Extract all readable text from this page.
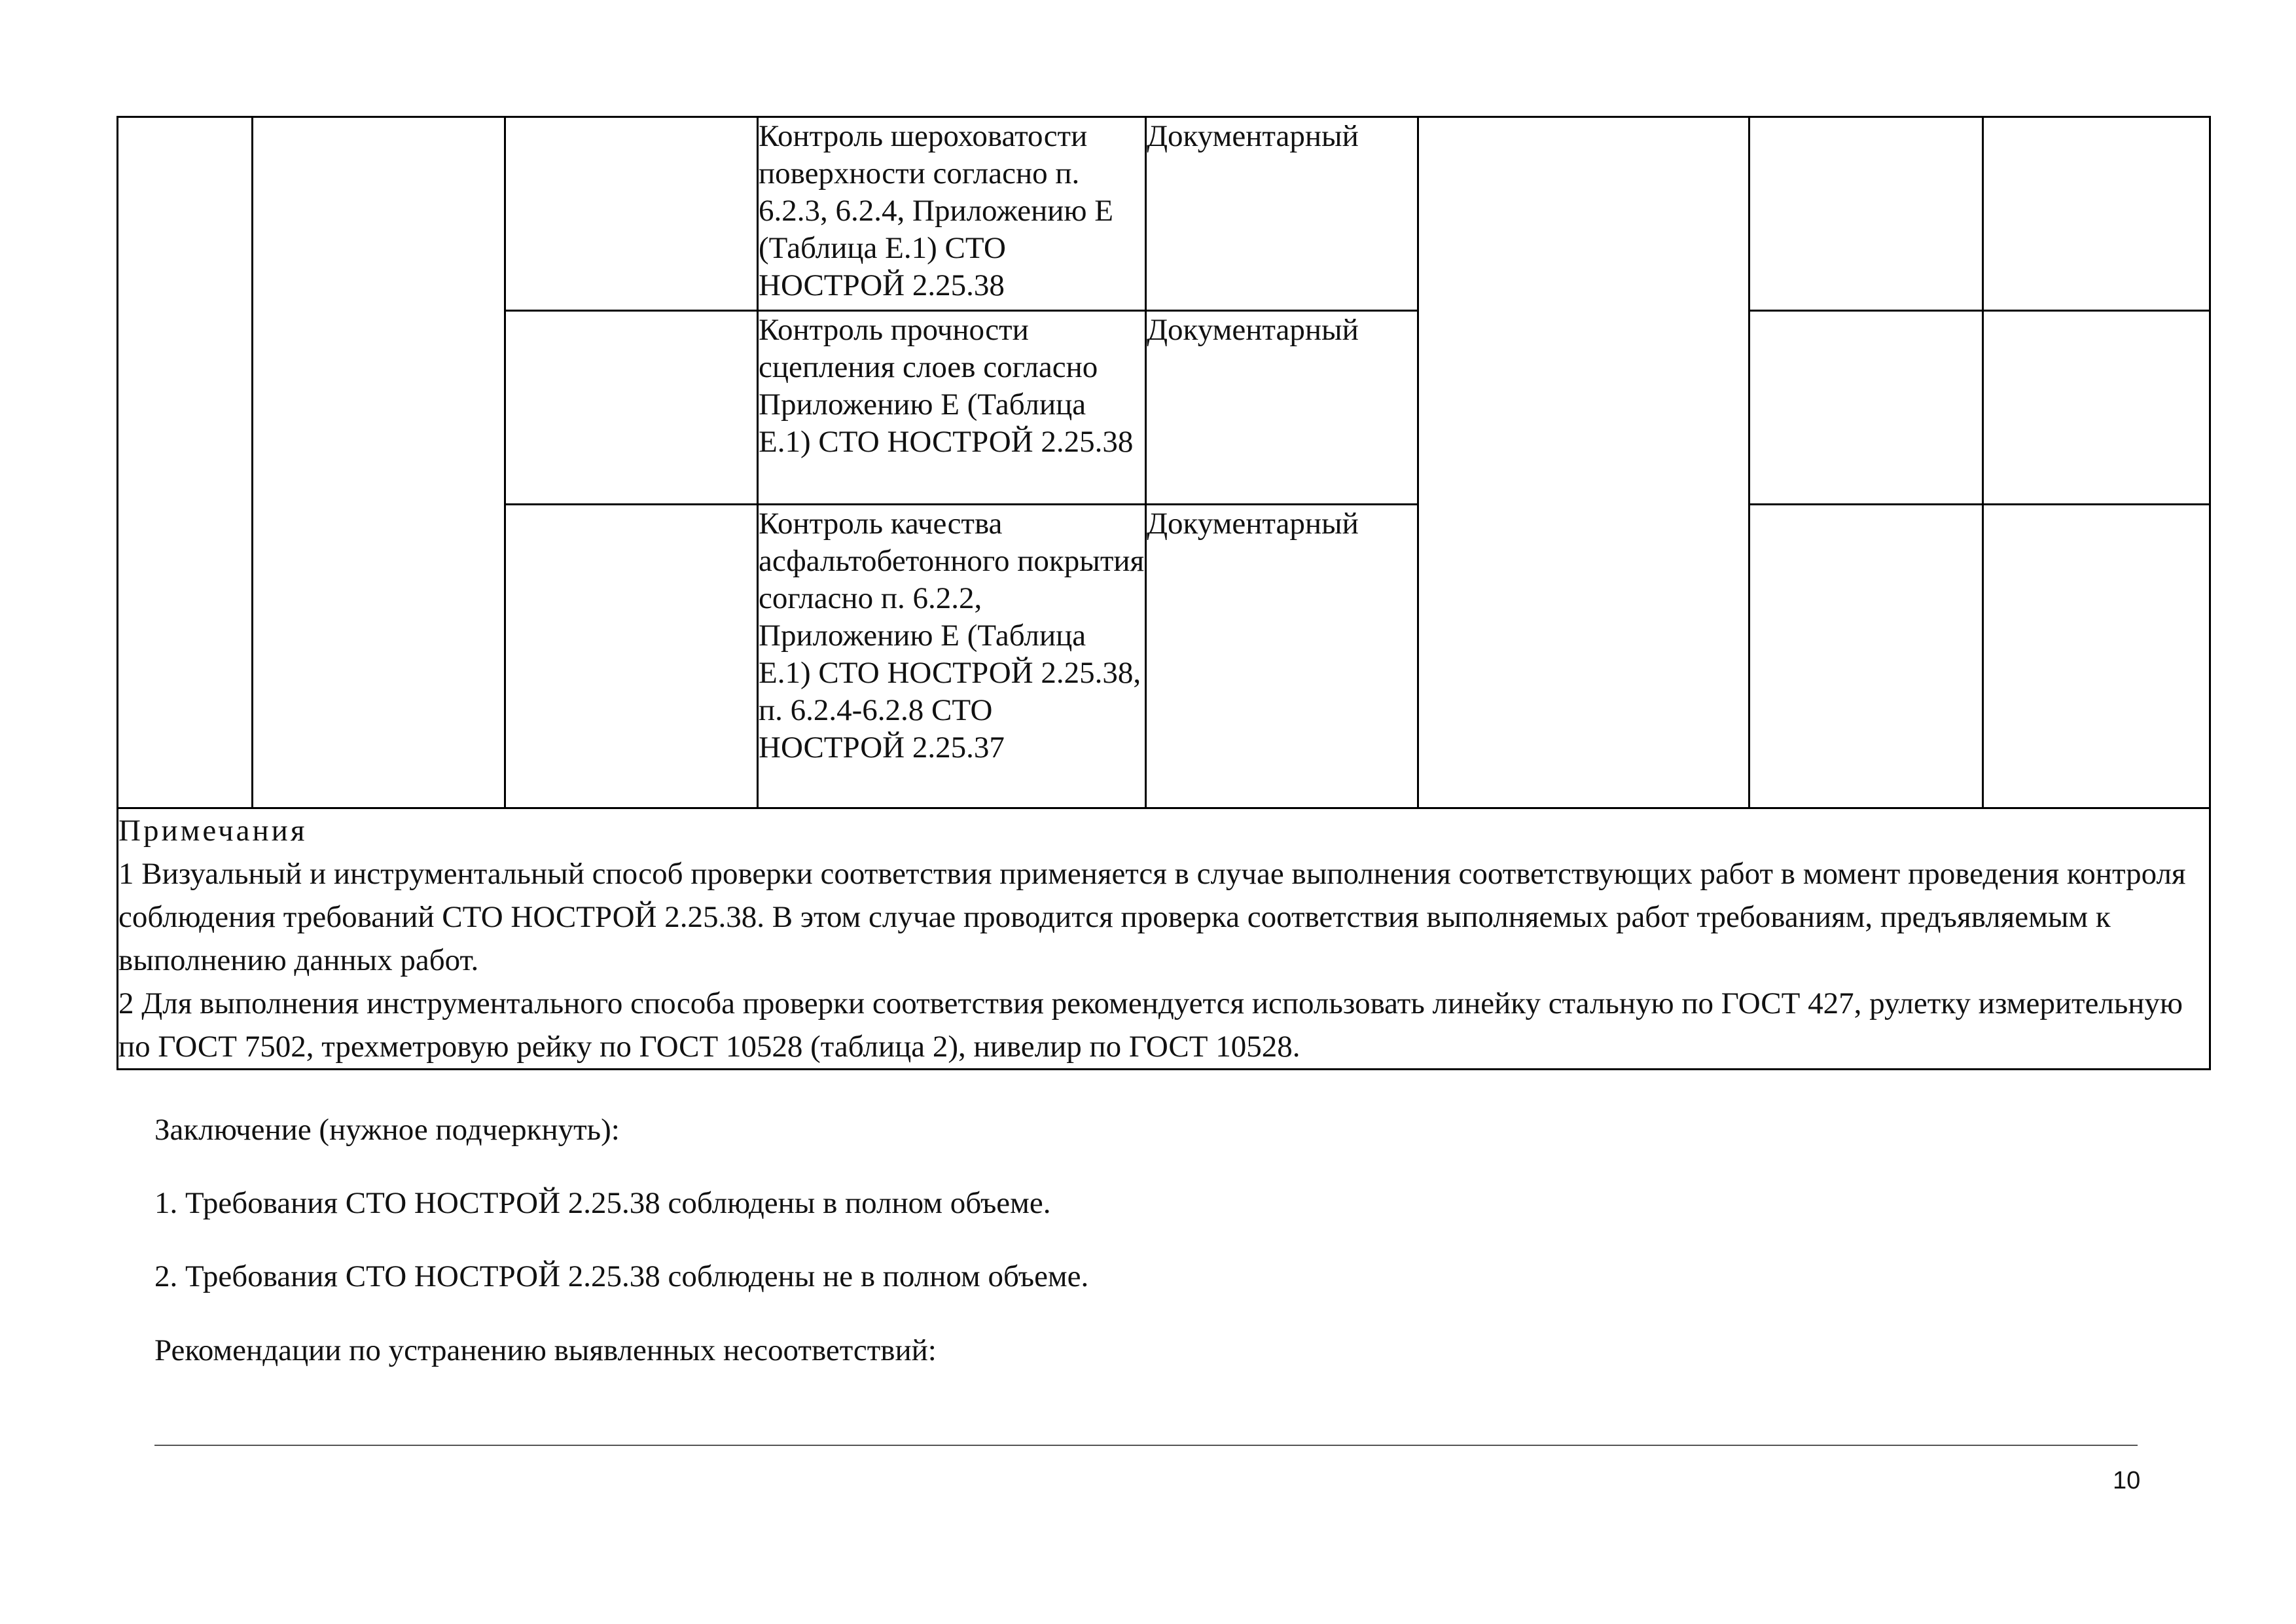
			Контроль шероховатости поверхности согласно п. 6.2.3, 6.2.4, Приложению Е (Таблица Е.1) СТО НОСТРОЙ 2.25.38	Документарный			
			Контроль прочности сцепления слоев согласно Приложению Е (Таблица Е.1) СТО НОСТРОЙ 2.25.38	Документарный			
			Контроль качества асфальтобетонного покрытия согласно п. 6.2.2, Приложению Е (Таблица Е.1) СТО НОСТРОЙ 2.25.38, п. 6.2.4-6.2.8 СТО НОСТРОЙ 2.25.37	Документарный			

Примечания
1 Визуальный и инструментальный способ проверки соответствия применяется в случае выполнения соответствующих работ в момент проведения контроля соблюдения требований СТО НОСТРОЙ 2.25.38. В этом случае проводится проверка соответствия выполняемых работ требованиям, предъявляемым к выполнению данных работ.
2 Для выполнения инструментального способа проверки соответствия рекомендуется использовать линейку стальную по ГОСТ 427, рулетку измерительную по ГОСТ 7502, трехметровую рейку по ГОСТ 10528 (таблица 2), нивелир по ГОСТ 10528.							
Заключение (нужное подчеркнуть):
1. Требования СТО НОСТРОЙ 2.25.38 соблюдены в полном объеме.
2. Требования СТО НОСТРОЙ 2.25.38 соблюдены не в полном объеме.
Рекомендации по устранению выявленных несоответствий:
10
